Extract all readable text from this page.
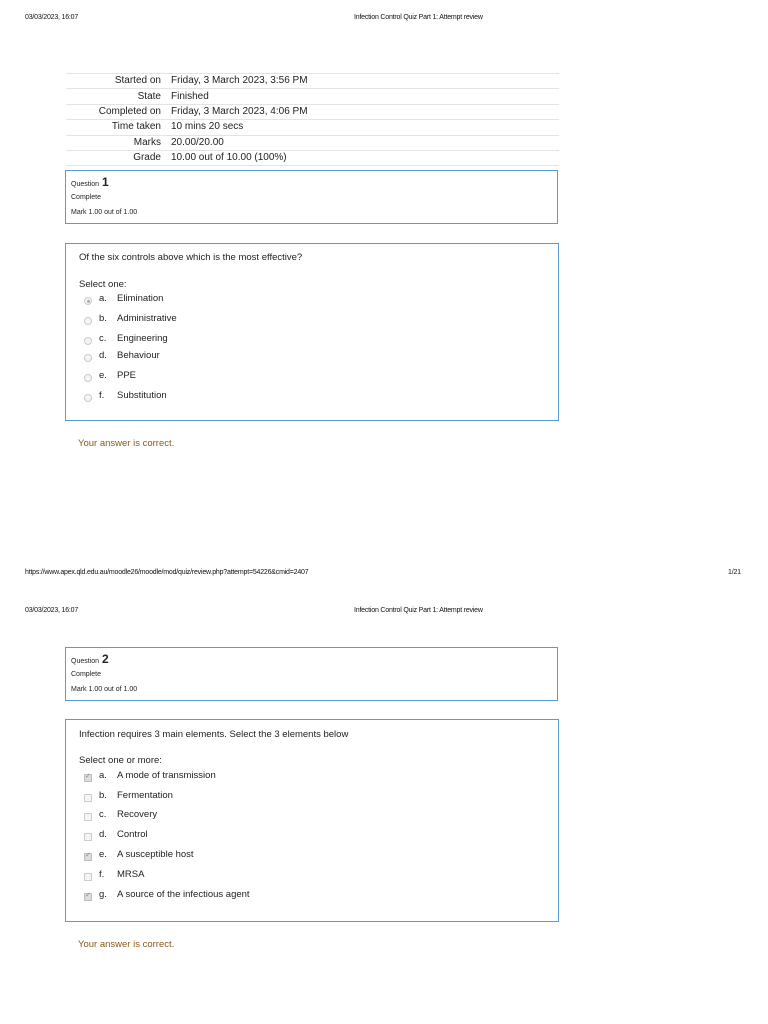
03/03/2023, 16:07	Infection Control Quiz Part 1: Attempt review
Started on	Friday, 3 March 2023, 3:56 PM
State	Finished
Completed on	Friday, 3 March 2023, 4:06 PM
Time taken	10 mins 20 secs
Marks	20.00/20.00
Grade	10.00 out of 10.00 (100%)
Question 1
Complete
Mark 1.00 out of 1.00
Of the six controls above which is the most effective?
Select one:
a. Elimination
b. Administrative
c. Engineering
d. Behaviour
e. PPE
f. Substitution
Your answer is correct.
https://www.apex.qld.edu.au/moodle26/moodle/mod/quiz/review.php?attempt=54226&cmid=2407	1/21
03/03/2023, 16:07	Infection Control Quiz Part 1: Attempt review
Question 2
Complete
Mark 1.00 out of 1.00
Infection requires 3 main elements. Select the 3 elements below
Select one or more:
✓
a. A mode of transmission
b. Fermentation
c. Recovery
d. Control
✓
e. A susceptible host
f. MRSA
✓
g. A source of the infectious agent
Your answer is correct.
